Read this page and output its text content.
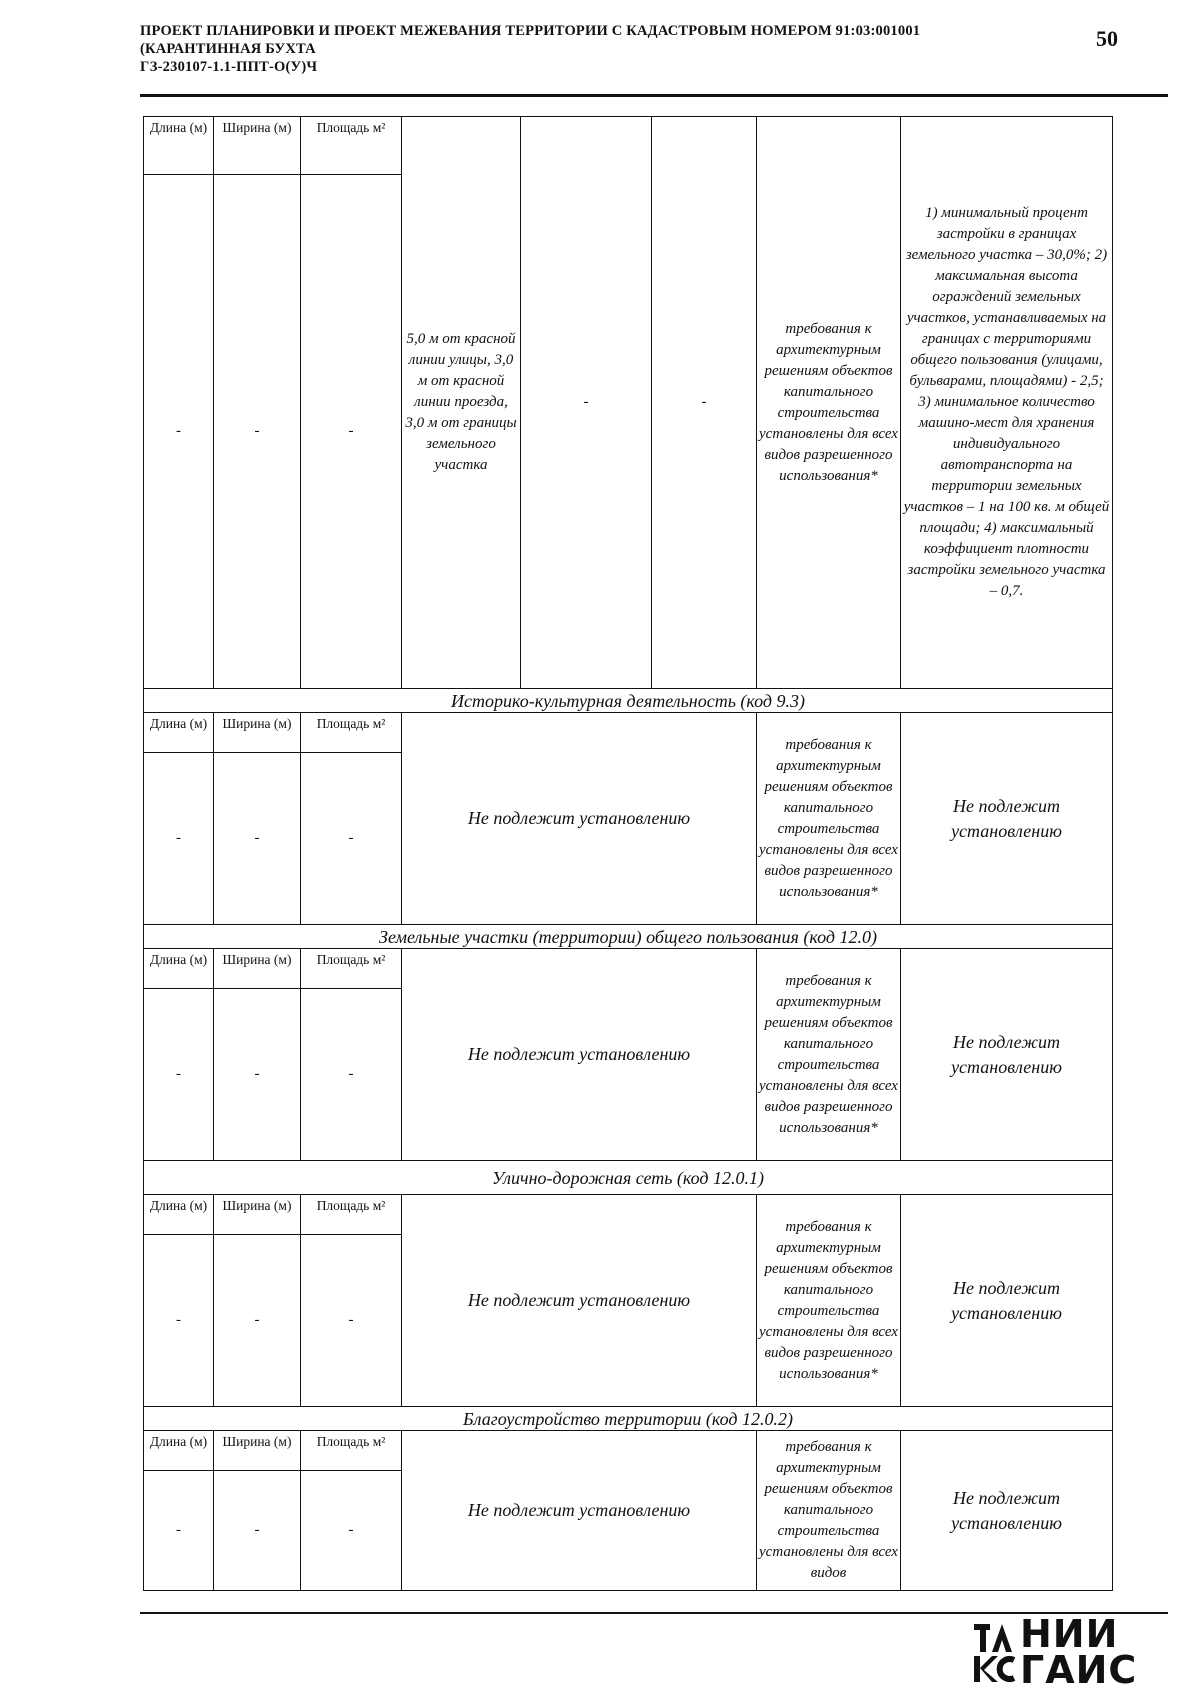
ПРОЕКТ ПЛАНИРОВКИ И ПРОЕКТ МЕЖЕВАНИЯ ТЕРРИТОРИИ С КАДАСТРОВЫМ НОМЕРОМ 91:03:001001
(КАРАНТИННАЯ БУХТА
ГЗ-230107-1.1-ППТ-О(У)Ч
50
Длина (м)	Ширина (м)	Площадь м²	5,0 м от красной линии улицы, 3,0 м от красной линии проезда, 3,0 м от границы земельного участка	-	-	требования к архитектурным решениям объектов капитального строительства установлены для всех видов разрешенного использования*	1) минимальный процент застройки в границах земельного участка – 30,0%; 2) максимальная высота ограждений земельных участков, устанавливаемых на границах с территориями общего пользования (улицами, бульварами, площадями) - 2,5; 3) минимальное количество машино-мест для хранения индивидуального автотранспорта на территории земельных участков – 1 на 100 кв. м общей площади; 4) максимальный коэффициент плотности застройки земельного участка – 0,7.
-	-	-					
Историко-культурная деятельность (код 9.3)							
Длина (м)	Ширина (м)	Площадь м²	Не подлежит установлению			требования к архитектурным решениям объектов капитального строительства установлены для всех видов разрешенного использования*	Не подлежит установлению
-	-	-					
Земельные участки (территории) общего пользования (код 12.0)							
Длина (м)	Ширина (м)	Площадь м²	Не подлежит установлению			требования к архитектурным решениям объектов капитального строительства установлены для всех видов разрешенного использования*	Не подлежит установлению
-	-	-					
Улично-дорожная сеть (код 12.0.1)							
Длина (м)	Ширина (м)	Площадь м²	Не подлежит установлению			требования к архитектурным решениям объектов капитального строительства установлены для всех видов разрешенного использования*	Не подлежит установлению
-	-	-					
Благоустройство территории (код 12.0.2)							
Длина (м)	Ширина (м)	Площадь м²	Не подлежит установлению			требования к архитектурным решениям объектов капитального строительства установлены для всех видов	Не подлежит установлению
-	-	-					
НИИ
ГАИС
